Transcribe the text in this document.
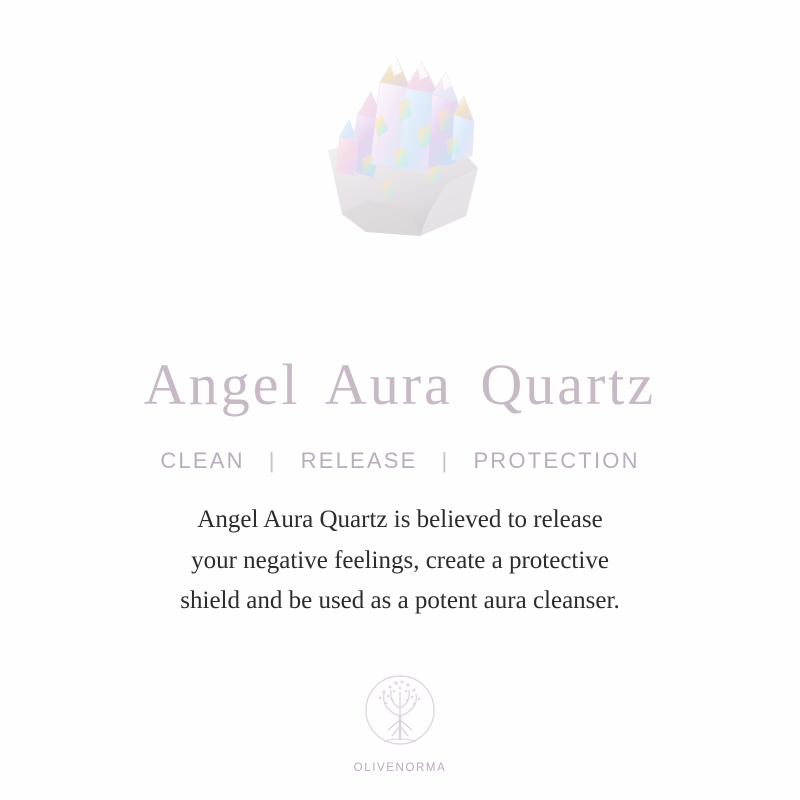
Angel Aura Quartz
CLEAN	|	RELEASE	|	PROTECTION
Angel Aura Quartz is believed to release
your negative feelings, create a protective
shield and be used as a potent aura cleanser.
OLIVENORMA
